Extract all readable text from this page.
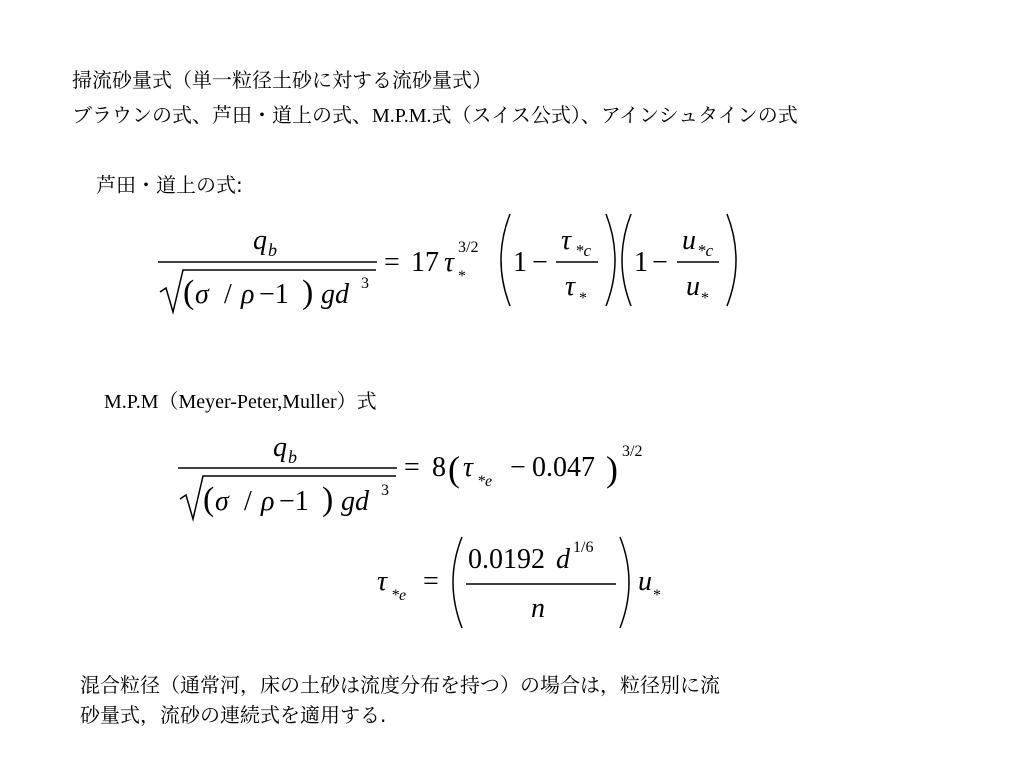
掃流砂量式（単一粒径土砂に対する流砂量式）
ブラウンの式、芦田・道上の式、M.P.M.式（スイス公式）、アインシュタインの式
芦田・道上の式:
q b
( σ / ρ −1 ) gd 3
= 17 τ *
3/2 1 −
τ *c
τ *
1 −
u *c
u *
M.P.M（Meyer-Peter,Muller）式
q b
( σ / ρ −1 ) gd 3
= 8 ( τ *e − 0.047 ) 3/2
τ *e =
0.0192 d 1/6
n
u *
混合粒径（通常河，床の土砂は流度分布を持つ）の場合は，粒径別に流
砂量式，流砂の連続式を適用する.
